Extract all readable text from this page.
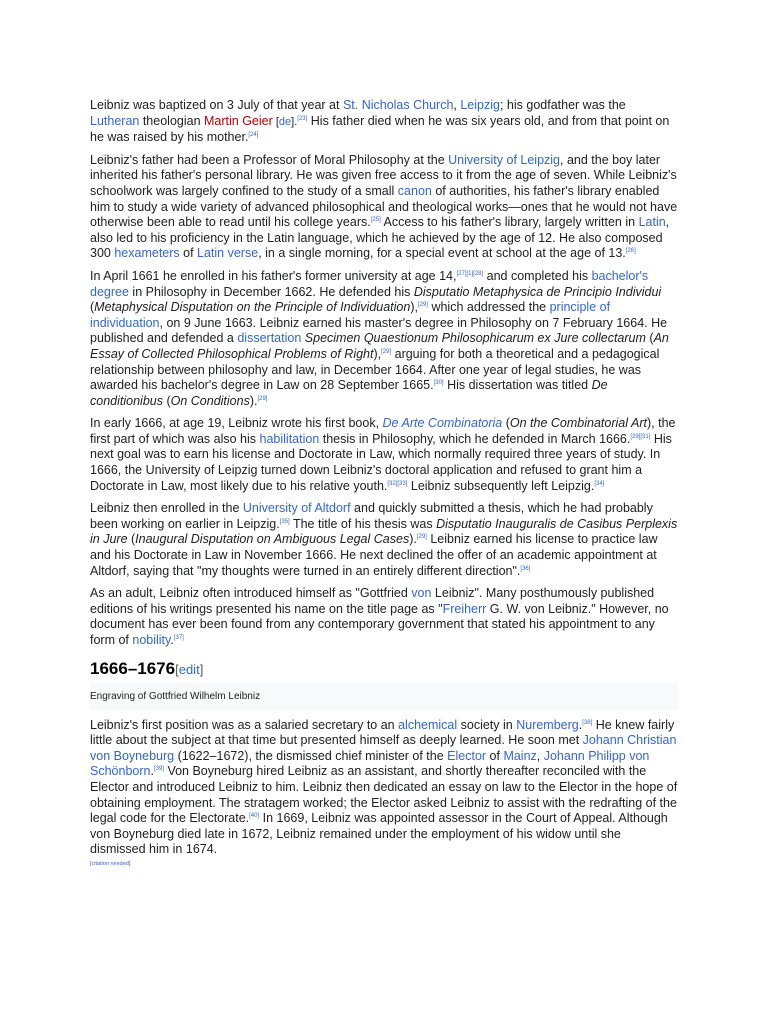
Leibniz was baptized on 3 July of that year at St. Nicholas Church, Leipzig; his godfather was the Lutheran theologian Martin Geier [de].[23] His father died when he was six years old, and from that point on he was raised by his mother.[24]

Leibniz's father had been a Professor of Moral Philosophy at the University of Leipzig, and the boy later inherited his father's personal library. He was given free access to it from the age of seven. While Leibniz's schoolwork was largely confined to the study of a small canon of authorities, his father's library enabled him to study a wide variety of advanced philosophical and theological works—ones that he would not have otherwise been able to read until his college years.[25] Access to his father's library, largely written in Latin, also led to his proficiency in the Latin language, which he achieved by the age of 12. He also composed 300 hexameters of Latin verse, in a single morning, for a special event at school at the age of 13.[26]

In April 1661 he enrolled in his father's former university at age 14,[27][1][28] and completed his bachelor's degree in Philosophy in December 1662. He defended his Disputatio Metaphysica de Principio Individui (Metaphysical Disputation on the Principle of Individuation),[29] which addressed the principle of individuation, on 9 June 1663. Leibniz earned his master's degree in Philosophy on 7 February 1664. He published and defended a dissertation Specimen Quaestionum Philosophicarum ex Jure collectarum (An Essay of Collected Philosophical Problems of Right),[29] arguing for both a theoretical and a pedagogical relationship between philosophy and law, in December 1664. After one year of legal studies, he was awarded his bachelor's degree in Law on 28 September 1665.[30] His dissertation was titled De conditionibus (On Conditions).[29]

In early 1666, at age 19, Leibniz wrote his first book, De Arte Combinatoria (On the Combinatorial Art), the first part of which was also his habilitation thesis in Philosophy, which he defended in March 1666.[29][31] His next goal was to earn his license and Doctorate in Law, which normally required three years of study. In 1666, the University of Leipzig turned down Leibniz's doctoral application and refused to grant him a Doctorate in Law, most likely due to his relative youth.[32][33] Leibniz subsequently left Leipzig.[34]

Leibniz then enrolled in the University of Altdorf and quickly submitted a thesis, which he had probably been working on earlier in Leipzig.[35] The title of his thesis was Disputatio Inauguralis de Casibus Perplexis in Jure (Inaugural Disputation on Ambiguous Legal Cases).[29] Leibniz earned his license to practice law and his Doctorate in Law in November 1666. He next declined the offer of an academic appointment at Altdorf, saying that "my thoughts were turned in an entirely different direction".[36]

As an adult, Leibniz often introduced himself as "Gottfried von Leibniz". Many posthumously published editions of his writings presented his name on the title page as "Freiherr G. W. von Leibniz." However, no document has ever been found from any contemporary government that stated his appointment to any form of nobility.[37]

1666–1676[edit]
Engraving of Gottfried Wilhelm Leibniz

Leibniz's first position was as a salaried secretary to an alchemical society in Nuremberg.[38] He knew fairly little about the subject at that time but presented himself as deeply learned. He soon met Johann Christian von Boyneburg (1622–1672), the dismissed chief minister of the Elector of Mainz, Johann Philipp von Schönborn.[39] Von Boyneburg hired Leibniz as an assistant, and shortly thereafter reconciled with the Elector and introduced Leibniz to him. Leibniz then dedicated an essay on law to the Elector in the hope of obtaining employment. The stratagem worked; the Elector asked Leibniz to assist with the redrafting of the legal code for the Electorate.[40] In 1669, Leibniz was appointed assessor in the Court of Appeal. Although von Boyneburg died late in 1672, Leibniz remained under the employment of his widow until she dismissed him in 1674.
[citation needed]
